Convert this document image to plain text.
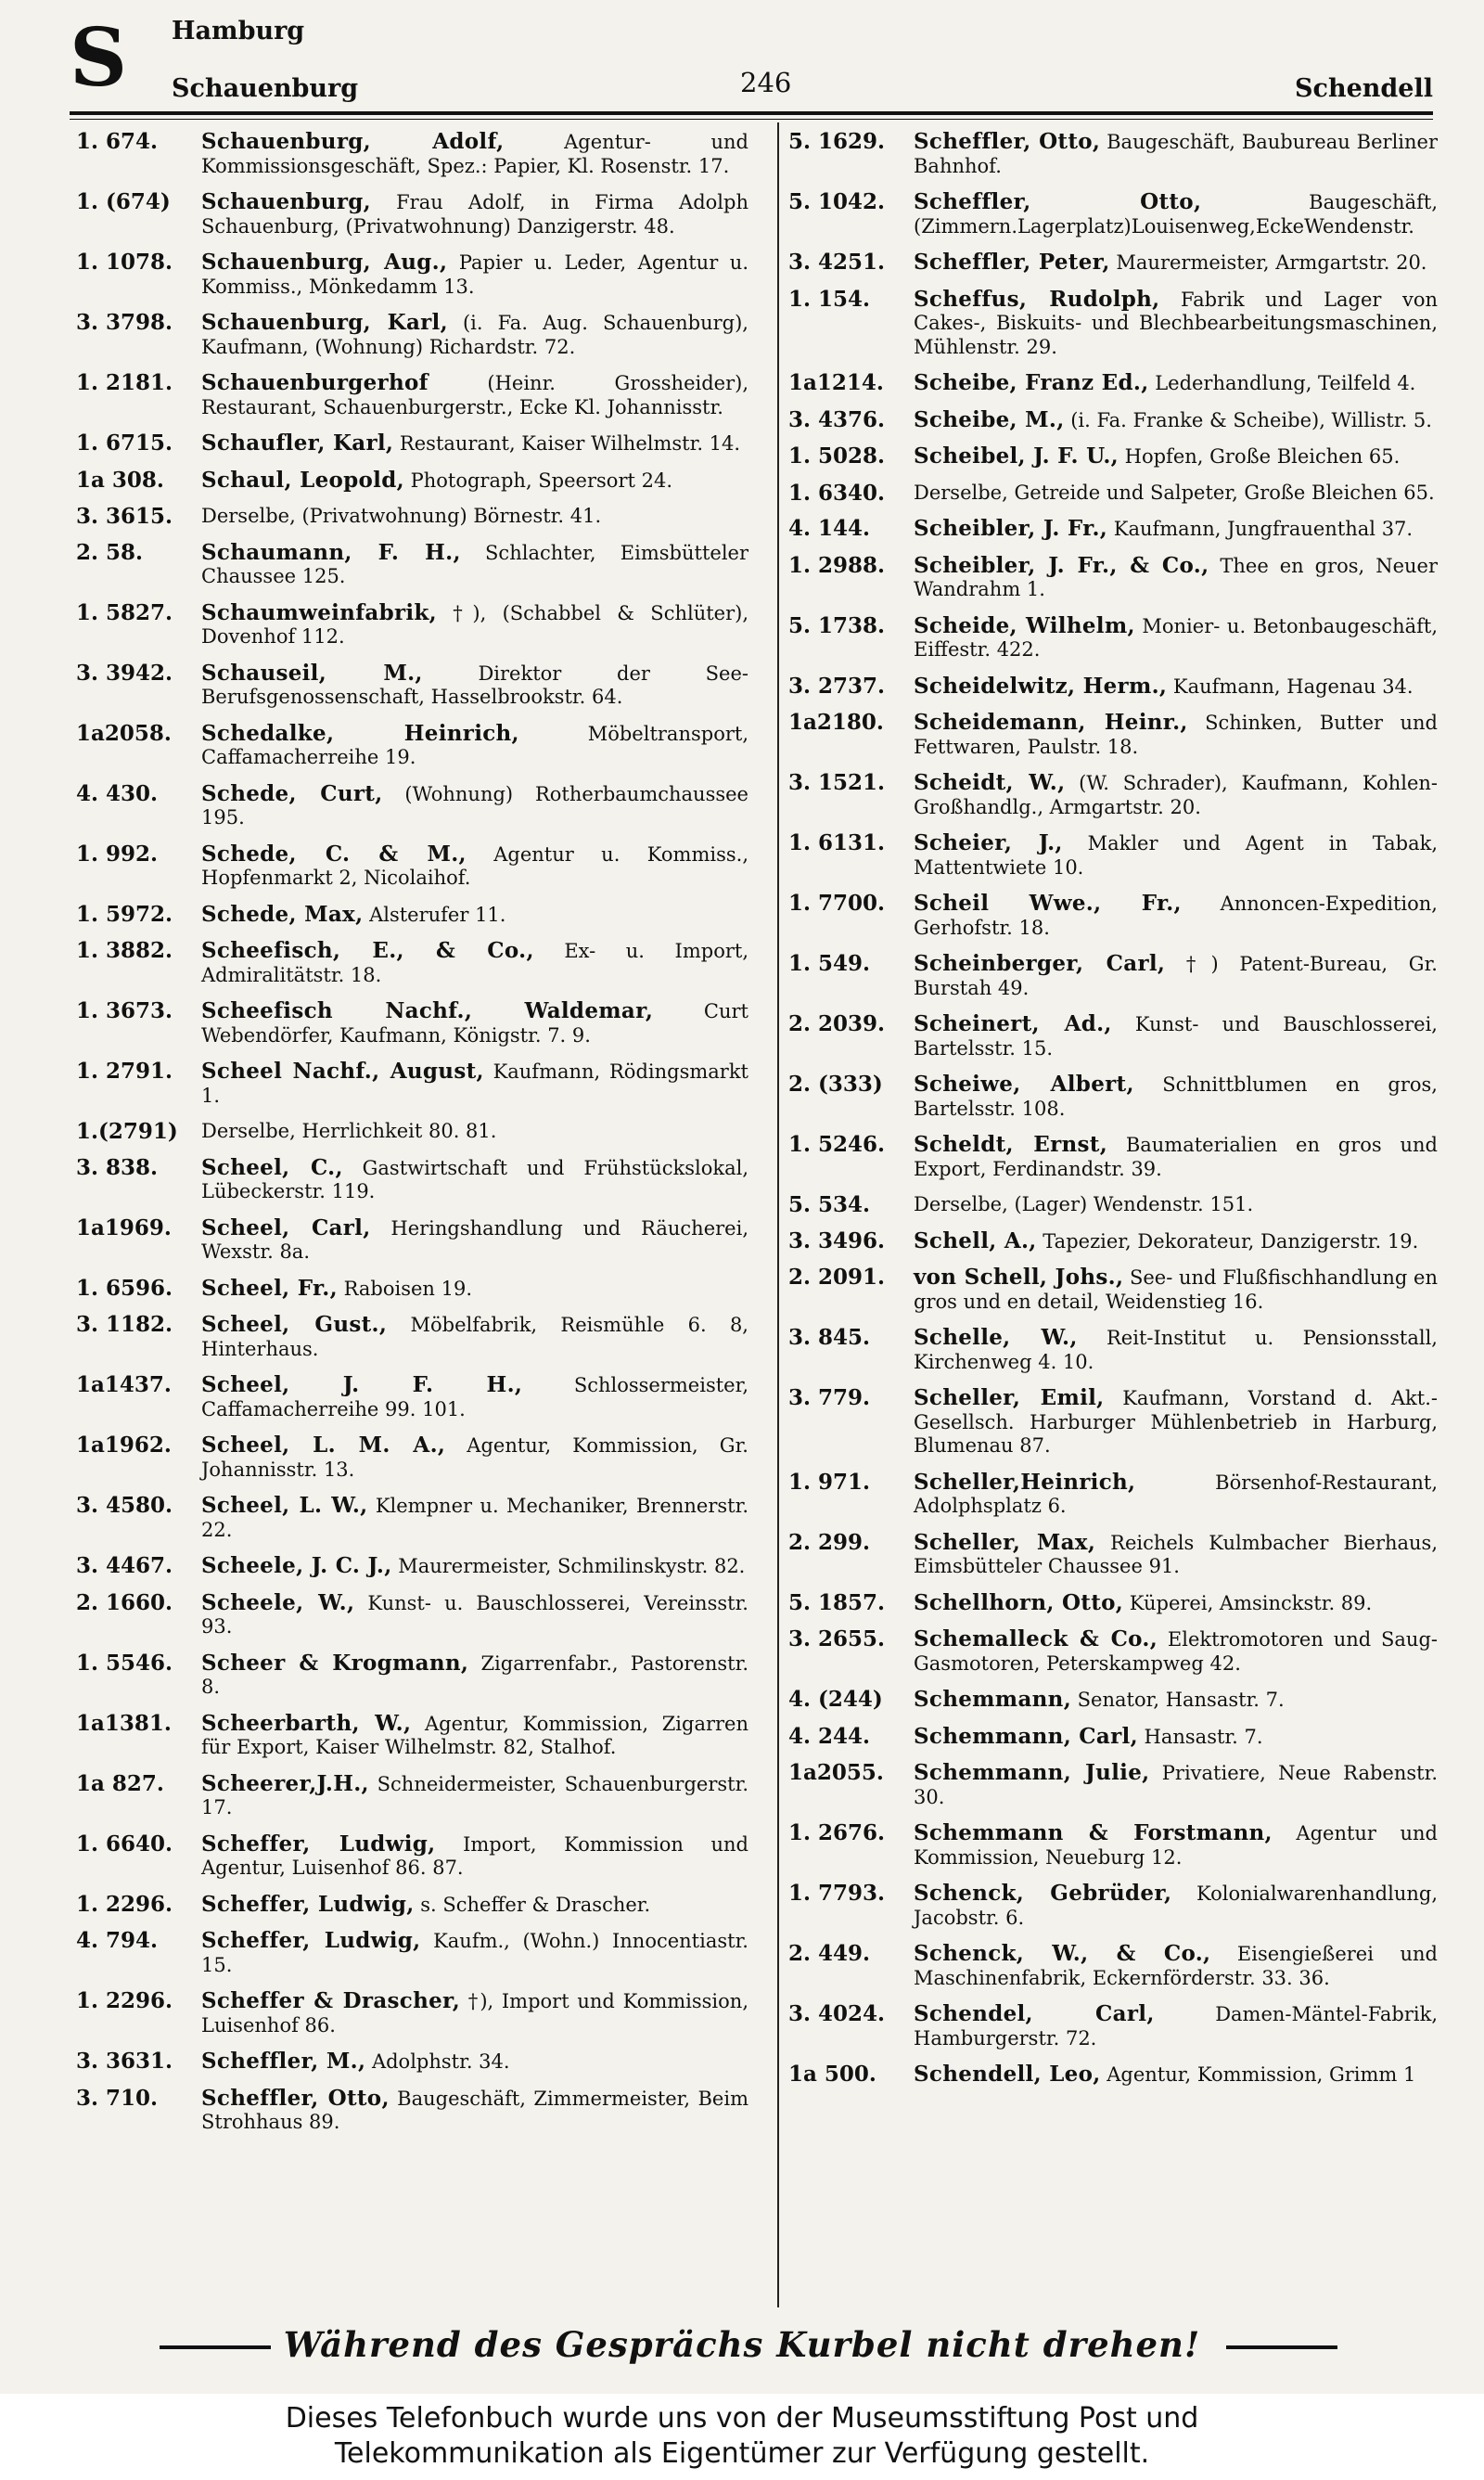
S Hamburg
Schauenburg	246	Schendell
1. 674. Schauenburg, Adolf, Agentur- und Kommissionsgeschäft, Spez.: Papier, Kl. Rosenstr. 17.
1. (674) Schauenburg, Frau Adolf, in Firma Adolph Schauenburg, (Privatwohnung) Danzigerstr. 48.
1. 1078. Schauenburg, Aug., Papier u. Leder, Agentur u. Kommiss., Mönkedamm 13.
3. 3798. Schauenburg, Karl, (i. Fa. Aug. Schauenburg), Kaufmann, (Wohnung) Richardstr. 72.
1. 2181. Schauenburgerhof (Heinr. Grossheider), Restaurant, Schauenburgerstr., Ecke Kl. Johannisstr.
1. 6715. Schaufler, Karl, Restaurant, Kaiser Wilhelmstr. 14.
1a 308. Schaul, Leopold, Photograph, Speersort 24.
3. 3615. Derselbe, (Privatwohnung) Börnestr. 41.
2. 58.	Schaumann, F. H., Schlachter, Eimsbütteler Chaussee 125.
1. 5827. Schaumweinfabrik, †), (Schabbel & Schlüter), Dovenhof 112.
3. 3942. Schauseil, M., Direktor der See-Berufsgenossenschaft, Hasselbrookstr. 64.
1a2058. Schedalke, Heinrich, Möbeltransport, Caffamacherreihe 19.
4. 430. Schede, Curt, (Wohnung) Rotherbaumchaussee 195.
1. 992. Schede, C. & M., Agentur u. Kommiss., Hopfenmarkt 2, Nicolaihof.
1. 5972. Schede, Max, Alsterufer 11.
1. 3882. Scheefisch, E., & Co., Ex- u. Import, Admiralitätstr. 18.
1. 3673. Scheefisch Nachf., Waldemar, Curt Webendörfer, Kaufmann, Königstr. 7. 9.
1. 2791. Scheel Nachf., August, Kaufmann, Rödingsmarkt 1.
1.(2791) Derselbe, Herrlichkeit 80. 81.
3. 838. Scheel, C., Gastwirtschaft und Frühstückslokal, Lübeckerstr. 119.
1a1969. Scheel, Carl, Heringshandlung und Räucherei, Wexstr. 8a.
1. 6596. Scheel, Fr., Raboisen 19.
3. 1182. Scheel, Gust., Möbelfabrik, Reismühle 6. 8, Hinterhaus.
1a1437. Scheel, J. F. H., Schlossermeister, Caffamacherreihe 99. 101.
1a1962. Scheel, L. M. A., Agentur, Kommission, Gr. Johannisstr. 13.
3. 4580. Scheel, L. W., Klempner u. Mechaniker, Brennerstr. 22.
3. 4467. Scheele, J. C. J., Maurermeister, Schmilinskystr. 82.
2. 1660. Scheele, W., Kunst- u. Bauschlosserei, Vereinsstr. 93.
1. 5546. Scheer & Krogmann, Zigarrenfabr., Pastorenstr. 8.
1a1381. Scheerbarth, W., Agentur, Kommission, Zigarren für Export, Kaiser Wilhelmstr. 82, Stalhof.
1a 827. Scheerer,J.H., Schneidermeister, Schauenburgerstr. 17.
1. 6640. Scheffer, Ludwig, Import, Kommission und Agentur, Luisenhof 86. 87.
1. 2296. Scheffer, Ludwig, s. Scheffer & Drascher.
4. 794. Scheffer, Ludwig, Kaufm., (Wohn.) Innocentiastr. 15.
1. 2296. Scheffer & Drascher, †), Import und Kommission, Luisenhof 86.
3. 3631. Scheffler, M., Adolphstr. 34.
3. 710. Scheffler, Otto, Baugeschäft, Zimmermeister, Beim Strohhaus 89.
5. 1629. Scheffler, Otto, Baugeschäft, Baubureau Berliner Bahnhof.
5. 1042. Scheffler, Otto, Baugeschäft, (Zimmern.Lagerplatz)Louisenweg,EckeWendenstr.
3. 4251. Scheffler, Peter, Maurermeister, Armgartstr. 20.
1. 154. Scheffus, Rudolph, Fabrik und Lager von Cakes-, Biskuits- und Blechbearbeitungsmaschinen, Mühlenstr. 29.
1a1214. Scheibe, Franz Ed., Lederhandlung, Teilfeld 4.
3. 4376. Scheibe, M., (i. Fa. Franke & Scheibe), Willistr. 5.
1. 5028. Scheibel, J. F. U., Hopfen, Große Bleichen 65.
1. 6340. Derselbe, Getreide und Salpeter, Große Bleichen 65.
4. 144. Scheibler, J. Fr., Kaufmann, Jungfrauenthal 37.
1. 2988. Scheibler, J. Fr., & Co., Thee en gros, Neuer Wandrahm 1.
5. 1738. Scheide, Wilhelm, Monier- u. Betonbaugeschäft, Eiffestr. 422.
3. 2737. Scheidelwitz, Herm., Kaufmann, Hagenau 34.
1a2180. Scheidemann, Heinr., Schinken, Butter und Fettwaren, Paulstr. 18.
3. 1521. Scheidt, W., (W. Schrader), Kaufmann, Kohlen-Großhandlg., Armgartstr. 20.
1. 6131. Scheier, J., Makler und Agent in Tabak, Mattentwiete 10.
1. 7700. Scheil Wwe., Fr., Annoncen-Expedition, Gerhofstr. 18.
1. 549. Scheinberger, Carl, †) Patent-Bureau, Gr. Burstah 49.
2. 2039. Scheinert, Ad., Kunst- und Bauschlosserei, Bartelsstr. 15.
2. (333) Scheiwe, Albert, Schnittblumen en gros, Bartelsstr. 108.
1. 5246. Scheldt, Ernst, Baumaterialien en gros und Export, Ferdinandstr. 39.
5. 534. Derselbe, (Lager) Wendenstr. 151.
3. 3496. Schell, A., Tapezier, Dekorateur, Danzigerstr. 19.
2. 2091. von Schell, Johs., See- und Flußfischhandlung en gros und en detail, Weidenstieg 16.
3. 845. Schelle, W., Reit-Institut u. Pensionsstall, Kirchenweg 4. 10.
3. 779. Scheller, Emil, Kaufmann, Vorstand d. Akt.-Gesellsch. Harburger Mühlenbetrieb in Harburg, Blumenau 87.
1. 971. Scheller,Heinrich, Börsenhof-Restaurant, Adolphsplatz 6.
2. 299. Scheller, Max, Reichels Kulmbacher Bierhaus, Eimsbütteler Chaussee 91.
5. 1857. Schellhorn, Otto, Küperei, Amsinckstr. 89.
3. 2655. Schemalleck & Co., Elektromotoren und Saug-Gasmotoren, Peterskampweg 42.
4. (244) Schemmann, Senator, Hansastr. 7.
4. 244. Schemmann, Carl, Hansastr. 7.
1a2055. Schemmann, Julie, Privatiere, Neue Rabenstr. 30.
1. 2676. Schemmann & Forstmann, Agentur und Kommission, Neueburg 12.
1. 7793. Schenck, Gebrüder, Kolonialwarenhandlung, Jacobstr. 6.
2. 449. Schenck, W., & Co., Eisengießerei und Maschinenfabrik, Eckernförderstr. 33. 36.
3. 4024. Schendel, Carl, Damen-Mäntel-Fabrik, Hamburgerstr. 72.
1a 500. Schendell, Leo, Agentur, Kommission, Grimm 1
Während des Gesprächs Kurbel nicht drehen!
Dieses Telefonbuch wurde uns von der Museumsstiftung Post und
Telekommunikation als Eigentümer zur Verfügung gestellt.
